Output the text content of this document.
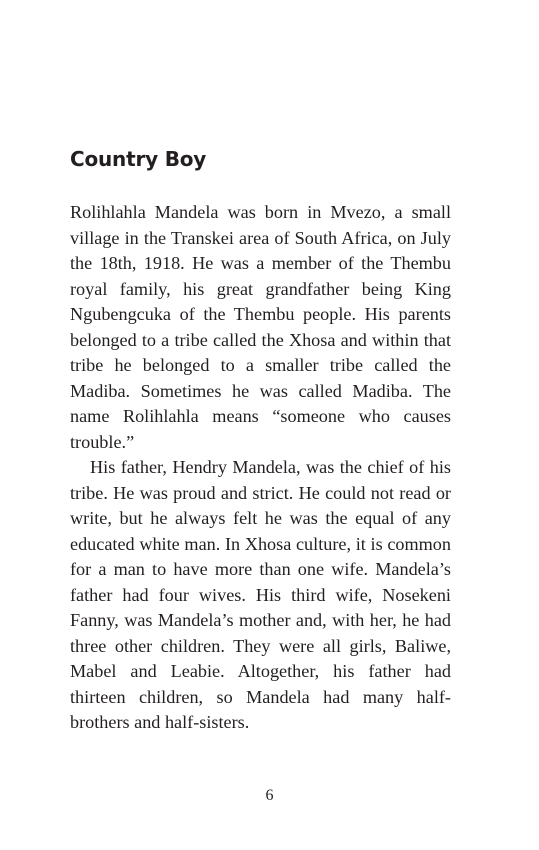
Country Boy

Rolihlahla Mandela was born in Mvezo, a small village in the Transkei area of South Africa, on July the 18th, 1918. He was a member of the Thembu royal family, his great grandfather being King Ngubengcuka of the Thembu people. His parents belonged to a tribe called the Xhosa and within that tribe he belonged to a smaller tribe called the Madiba. Sometimes he was called Madiba. The name Rolihlahla means “someone who causes trouble.”

His father, Hendry Mandela, was the chief of his tribe. He was proud and strict. He could not read or write, but he always felt he was the equal of any educated white man. In Xhosa culture, it is common for a man to have more than one wife. Mandela’s father had four wives. His third wife, Nosekeni Fanny, was Mandela’s mother and, with her, he had three other children. They were all girls, Baliwe, Mabel and Leabie. Altogether, his father had thirteen children, so Mandela had many half-brothers and half-sisters.

6
